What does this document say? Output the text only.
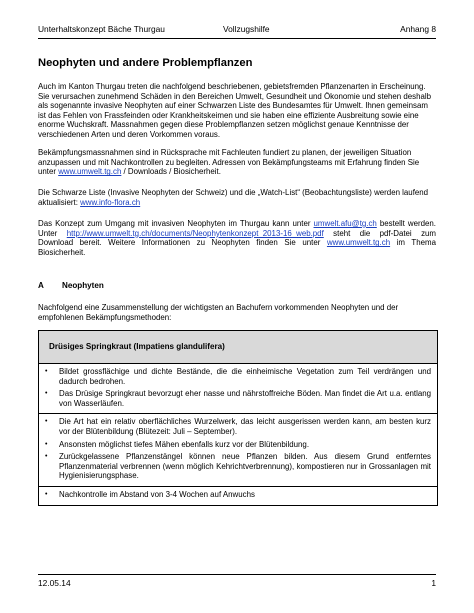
Unterhaltskonzept Bäche Thurgau	Vollzugshilfe	Anhang 8
Neophyten und andere Problempflanzen

Auch im Kanton Thurgau treten die nachfolgend beschriebenen, gebietsfremden Pflanzenarten in Erscheinung. Sie verursachen zunehmend Schäden in den Bereichen Umwelt, Gesundheit und Ökonomie und stehen deshalb als sogenannte invasive Neophyten auf einer Schwarzen Liste des Bundesamtes für Umwelt. Ihnen gemeinsam ist das Fehlen von Frassfeinden oder Krankheitskeimen und sie haben eine effiziente Ausbreitung sowie eine enorme Wuchskraft. Massnahmen gegen diese Problempflanzen setzen möglichst genaue Kenntnisse der verschiedenen Arten und deren Vorkommen voraus.

Bekämpfungsmassnahmen sind in Rücksprache mit Fachleuten fundiert zu planen, der jeweiligen Situation anzupassen und mit Nachkontrollen zu begleiten. Adressen von Bekämpfungsteams mit Erfahrung finden Sie unter www.umwelt.tg.ch / Downloads / Biosicherheit.

Die Schwarze Liste (Invasive Neophyten der Schweiz) und die „Watch-List“ (Beobachtungsliste) werden laufend aktualisiert: www.info-flora.ch

Das Konzept zum Umgang mit invasiven Neophyten im Thurgau kann unter umwelt.afu@tg.ch bestellt werden. Unter http://www.umwelt.tg.ch/documents/Neophytenkonzept_2013-16_web.pdf steht die pdf-Datei zum Download bereit. Weitere Informationen zu Neophyten finden Sie unter www.umwelt.tg.ch im Thema Biosicherheit.

A Neophyten

Nachfolgend eine Zusammenstellung der wichtigsten an Bachufern vorkommenden Neophyten und der empfohlenen Bekämpfungsmethoden:

Drüsiges Springkraut (Impatiens glandulifera)
•	Bildet grossflächige und dichte Bestände, die die einheimische Vegetation zum Teil verdrängen und dadurch bedrohen.
•	Das Drüsige Springkraut bevorzugt eher nasse und nährstoffreiche Böden. Man findet die Art u.a. entlang von Wasserläufen.
•	Die Art hat ein relativ oberflächliches Wurzelwerk, das leicht ausgerissen werden kann, am besten kurz vor der Blütenbildung (Blütezeit: Juli – September).
•	Ansonsten möglichst tiefes Mähen ebenfalls kurz vor der Blütenbildung.
•	Zurückgelassene Pflanzenstängel können neue Pflanzen bilden. Aus diesem Grund entferntes Pflanzenmaterial verbrennen (wenn möglich Kehrichtverbrennung), kompostieren nur in Grossanlagen mit Hygienisierungsphase.
•	Nachkontrolle im Abstand von 3-4 Wochen auf Anwuchs
12.05.14	1
